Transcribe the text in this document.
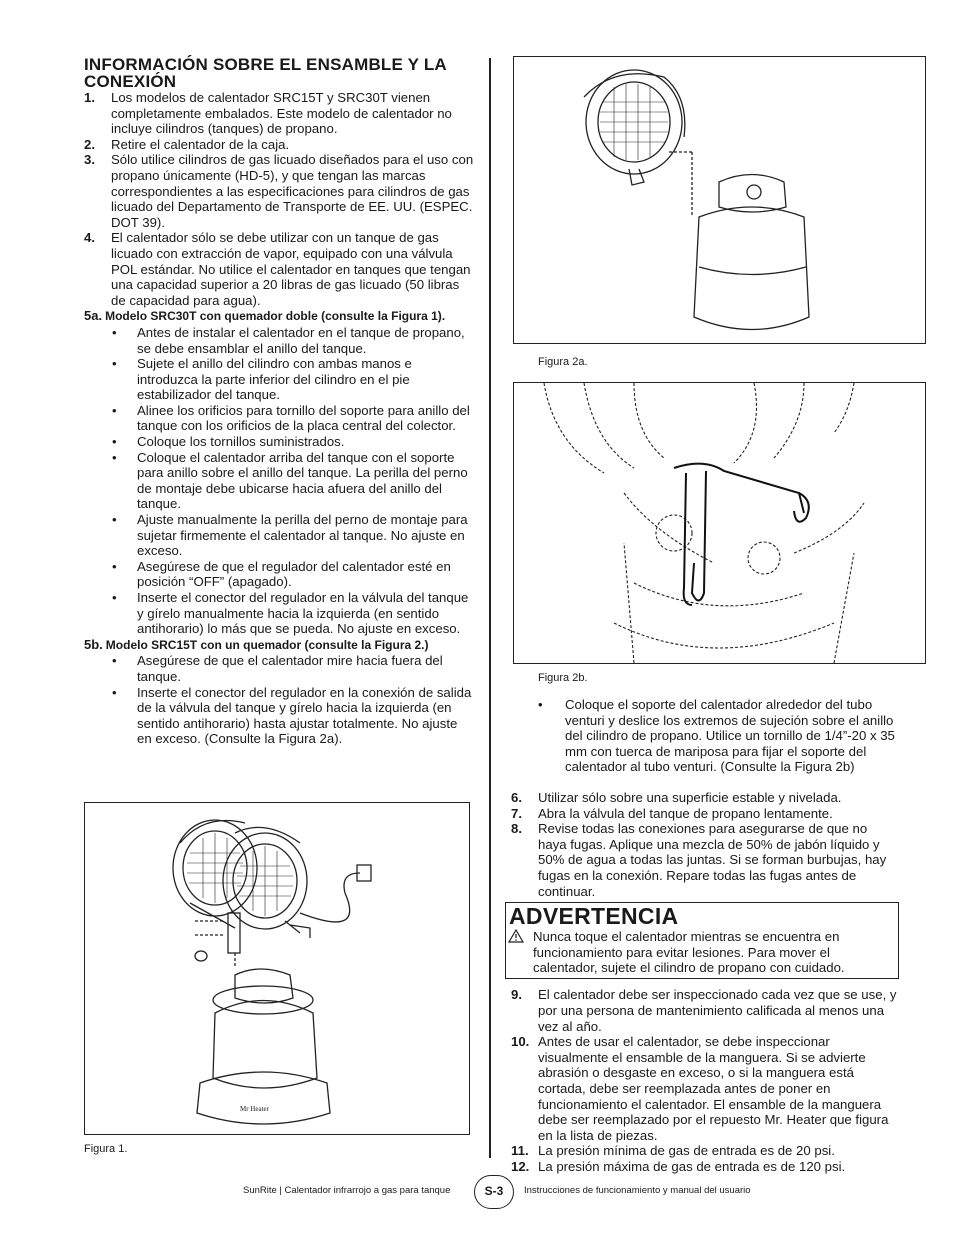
INFORMACIÓN SOBRE EL ENSAMBLE Y LA CONEXIÓN

1. Los modelos de calentador SRC15T y SRC30T vienen completamente embalados. Este modelo de calentador no incluye cilindros (tanques) de propano.

2. Retire el calentador de la caja.

3. Sólo utilice cilindros de gas licuado diseñados para el uso con propano únicamente (HD-5), y que tengan las marcas correspondientes a las especificaciones para cilindros de gas licuado del Departamento de Transporte de EE. UU. (ESPEC. DOT 39).

4. El calentador sólo se debe utilizar con un tanque de gas licuado con extracción de vapor, equipado con una válvula POL estándar. No utilice el calentador en tanques que tengan una capacidad superior a 20 libras de gas licuado (50 libras de capacidad para agua).

5a. Modelo SRC30T con quemador doble (consulte la Figura 1).

• Antes de instalar el calentador en el tanque de propano, se debe ensamblar el anillo del tanque.

• Sujete el anillo del cilindro con ambas manos e introduzca la parte inferior del cilindro en el pie estabilizador del tanque.

• Alinee los orificios para tornillo del soporte para anillo del tanque con los orificios de la placa central del colector.

• Coloque los tornillos suministrados.

• Coloque el calentador arriba del tanque con el soporte para anillo sobre el anillo del tanque. La perilla del perno de montaje debe ubicarse hacia afuera del anillo del tanque.

• Ajuste manualmente la perilla del perno de montaje para sujetar firmemente el calentador al tanque. No ajuste en exceso.

• Asegúrese de que el regulador del calentador esté en posición “OFF” (apagado).

• Inserte el conector del regulador en la válvula del tanque y gírelo manualmente hacia la izquierda (en sentido antihorario) lo más que se pueda. No ajuste en exceso.

5b. Modelo SRC15T con un quemador (consulte la Figura 2.)

• Asegúrese de que el calentador mire hacia fuera del tanque.

• Inserte el conector del regulador en la conexión de salida de la válvula del tanque y gírelo hacia la izquierda (en sentido antihorario) hasta ajustar totalmente. No ajuste en exceso. (Consulte la Figura 2a).

Mr Heater
Figura 1.
Figura 2a.
Figura 2b.

• Coloque el soporte del calentador alrededor del tubo venturi y deslice los extremos de sujeción sobre el anillo del cilindro de propano. Utilice un tornillo de 1/4”-20 x 35 mm con tuerca de mariposa para fijar el soporte del calentador al tubo venturi. (Consulte la Figura 2b)

6. Utilizar sólo sobre una superficie estable y nivelada.

7. Abra la válvula del tanque de propano lentamente.

8. Revise todas las conexiones para asegurarse de que no haya fugas. Aplique una mezcla de 50% de jabón líquido y 50% de agua a todas las juntas. Si se forman burbujas, hay fugas en la conexión. Repare todas las fugas antes de continuar.

ADVERTENCIA

Nunca toque el calentador mientras se encuentra en funcionamiento para evitar lesiones. Para mover el calentador, sujete el cilindro de propano con cuidado.

9. El calentador debe ser inspeccionado cada vez que se use, y por una persona de mantenimiento calificada al menos una vez al año.

10. Antes de usar el calentador, se debe inspeccionar visualmente el ensamble de la manguera. Si se advierte abrasión o desgaste en exceso, o si la manguera está cortada, debe ser reemplazada antes de poner en funcionamiento el calentador. El ensamble de la manguera debe ser reemplazado por el repuesto Mr. Heater que figura en la lista de piezas.

11. La presión mínima de gas de entrada es de 20 psi.

12. La presión máxima de gas de entrada es de 120 psi.

SunRite | Calentador infrarrojo a gas para tanque	S-3	Instrucciones de funcionamiento y manual del usuario
